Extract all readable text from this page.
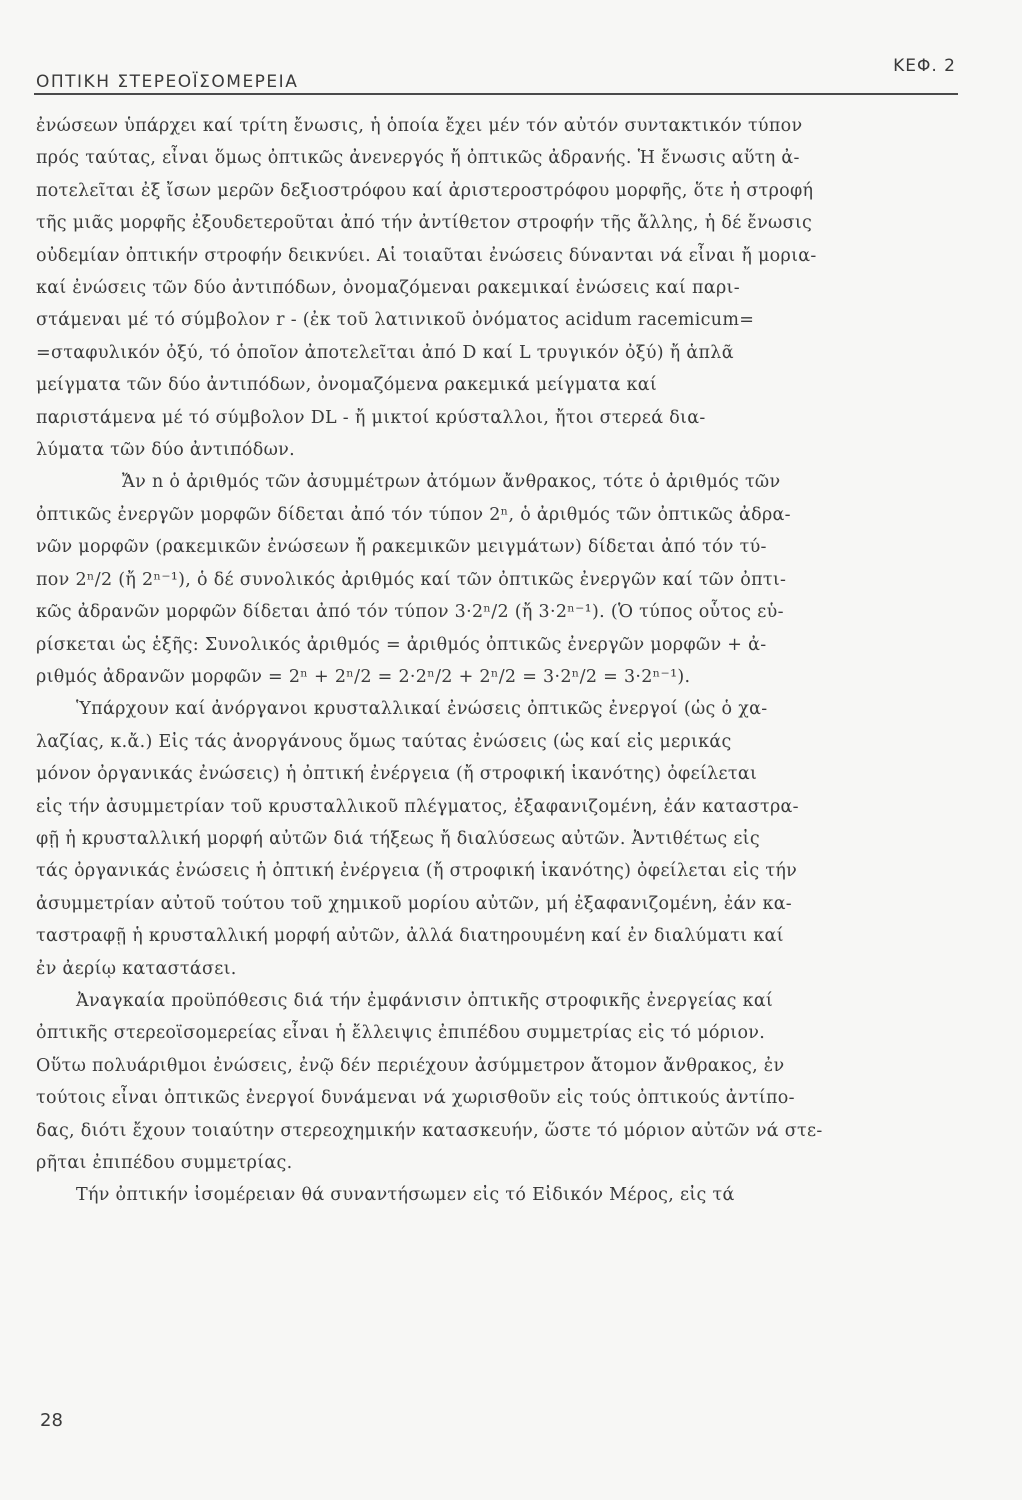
ΟΠΤΙΚΗ ΣΤΕΡΕΟΪΣΟΜΕΡΕΙΑ
ΚΕΦ. 2
ἐνώσεων ὑπάρχει καί τρίτη ἔνωσις, ἡ ὁποία ἔχει μέν τόν αὐτόν συντακτικόν τύπον
πρός ταύτας, εἶναι ὅμως ὀπτικῶς ἀνενεργός ἤ ὀπτικῶς ἀδρανής. Ἡ ἔνωσις αὕτη ἀ-
ποτελεῖται ἐξ ἴσων μερῶν δεξιοστρόφου καί ἀριστεροστρόφου μορφῆς, ὅτε ἡ στροφή
τῆς μιᾶς μορφῆς ἐξουδετεροῦται ἀπό τήν ἀντίθετον στροφήν τῆς ἄλλης, ἡ δέ ἔνωσις
οὐδεμίαν ὀπτικήν στροφήν δεικνύει. Αἱ τοιαῦται ἐνώσεις δύνανται νά εἶναι ἤ μορια-
καί ἐνώσεις τῶν δύο ἀντιπόδων, ὀνομαζόμεναι ρακεμικαί ἐνώσεις καί παρι-
στάμεναι μέ τό σύμβολον r - (ἐκ τοῦ λατινικοῦ ὀνόματος acidum racemicum=
=σταφυλικόν ὀξύ, τό ὁποῖον ἀποτελεῖται ἀπό D καί L τρυγικόν ὀξύ) ἤ ἁπλᾶ
μείγματα τῶν δύο ἀντιπόδων, ὀνομαζόμενα ρακεμικά μείγματα καί
παριστάμενα μέ τό σύμβολον DL - ἤ μικτοί κρύσταλλοι, ἤτοι στερεά δια-
λύματα τῶν δύο ἀντιπόδων.
Ἄν n ὁ ἀριθμός τῶν ἀσυμμέτρων ἀτόμων ἄνθρακος, τότε ὁ ἀριθμός τῶν
ὀπτικῶς ἐνεργῶν μορφῶν δίδεται ἀπό τόν τύπον 2ⁿ, ὁ ἀριθμός τῶν ὀπτικῶς ἀδρα-
νῶν μορφῶν (ρακεμικῶν ἐνώσεων ἤ ρακεμικῶν μειγμάτων) δίδεται ἀπό τόν τύ-
πον 2ⁿ/2 (ἤ 2ⁿ⁻¹), ὁ δέ συνολικός ἀριθμός καί τῶν ὀπτικῶς ἐνεργῶν καί τῶν ὀπτι-
κῶς ἀδρανῶν μορφῶν δίδεται ἀπό τόν τύπον 3·2ⁿ/2 (ἤ 3·2ⁿ⁻¹). (Ὁ τύπος οὗτος εὑ-
ρίσκεται ὡς ἑξῆς: Συνολικός ἀριθμός = ἀριθμός ὀπτικῶς ἐνεργῶν μορφῶν + ἀ-
ριθμός ἀδρανῶν μορφῶν = 2ⁿ + 2ⁿ/2 = 2·2ⁿ/2 + 2ⁿ/2 = 3·2ⁿ/2 = 3·2ⁿ⁻¹).
Ὑπάρχουν καί ἀνόργανοι κρυσταλλικαί ἐνώσεις ὀπτικῶς ἐνεργοί (ὡς ὁ χα-
λαζίας, κ.ἄ.) Εἰς τάς ἀνοργάνους ὅμως ταύτας ἐνώσεις (ὡς καί εἰς μερικάς
μόνον ὀργανικάς ἐνώσεις) ἡ ὀπτική ἐνέργεια (ἤ στροφική ἱκανότης) ὀφείλεται
εἰς τήν ἀσυμμετρίαν τοῦ κρυσταλλικοῦ πλέγματος, ἐξαφανιζομένη, ἐάν καταστρα-
φῇ ἡ κρυσταλλική μορφή αὐτῶν διά τήξεως ἤ διαλύσεως αὐτῶν. Ἀντιθέτως εἰς
τάς ὀργανικάς ἐνώσεις ἡ ὀπτική ἐνέργεια (ἤ στροφική ἱκανότης) ὀφείλεται εἰς τήν
ἀσυμμετρίαν αὐτοῦ τούτου τοῦ χημικοῦ μορίου αὐτῶν, μή ἐξαφανιζομένη, ἐάν κα-
ταστραφῇ ἡ κρυσταλλική μορφή αὐτῶν, ἀλλά διατηρουμένη καί ἐν διαλύματι καί
ἐν ἀερίῳ καταστάσει.
Ἀναγκαία προϋπόθεσις διά τήν ἐμφάνισιν ὀπτικῆς στροφικῆς ἐνεργείας καί
ὀπτικῆς στερεοϊσομερείας εἶναι ἡ ἔλλειψις ἐπιπέδου συμμετρίας εἰς τό μόριον.
Οὕτω πολυάριθμοι ἐνώσεις, ἐνῷ δέν περιέχουν ἀσύμμετρον ἄτομον ἄνθρακος, ἐν
τούτοις εἶναι ὀπτικῶς ἐνεργοί δυνάμεναι νά χωρισθοῦν εἰς τούς ὀπτικούς ἀντίπο-
δας, διότι ἔχουν τοιαύτην στερεοχημικήν κατασκευήν, ὥστε τό μόριον αὐτῶν νά στε-
ρῆται ἐπιπέδου συμμετρίας.
Τήν ὀπτικήν ἰσομέρειαν θά συναντήσωμεν εἰς τό Εἰδικόν Μέρος, εἰς τά
28
